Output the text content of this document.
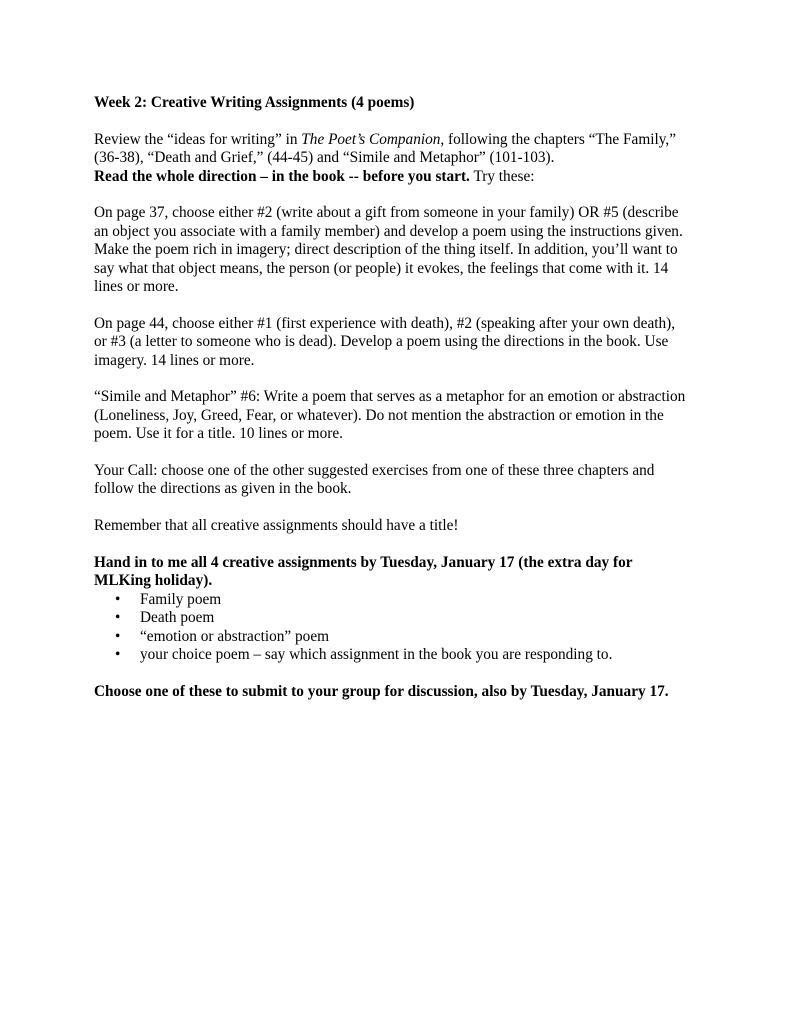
Week 2: Creative Writing Assignments (4 poems)

Review the “ideas for writing” in The Poet’s Companion, following the chapters “The Family,”

(36-38), “Death and Grief,” (44-45) and “Simile and Metaphor” (101-103).

Read the whole direction – in the book -- before you start. Try these:

On page 37, choose either #2 (write about a gift from someone in your family) OR #5 (describe

an object you associate with a family member) and develop a poem using the instructions given.

Make the poem rich in imagery; direct description of the thing itself. In addition, you’ll want to

say what that object means, the person (or people) it evokes, the feelings that come with it. 14

lines or more.

On page 44, choose either #1 (first experience with death), #2 (speaking after your own death),

or #3 (a letter to someone who is dead). Develop a poem using the directions in the book. Use

imagery. 14 lines or more.

“Simile and Metaphor” #6: Write a poem that serves as a metaphor for an emotion or abstraction

(Loneliness, Joy, Greed, Fear, or whatever). Do not mention the abstraction or emotion in the

poem. Use it for a title. 10 lines or more.

Your Call: choose one of the other suggested exercises from one of these three chapters and

follow the directions as given in the book.

Remember that all creative assignments should have a title!

Hand in to me all 4 creative assignments by Tuesday, January 17 (the extra day for

MLKing holiday).

• Family poem
• Death poem
• “emotion or abstraction” poem
• your choice poem – say which assignment in the book you are responding to.

Choose one of these to submit to your group for discussion, also by Tuesday, January 17.
